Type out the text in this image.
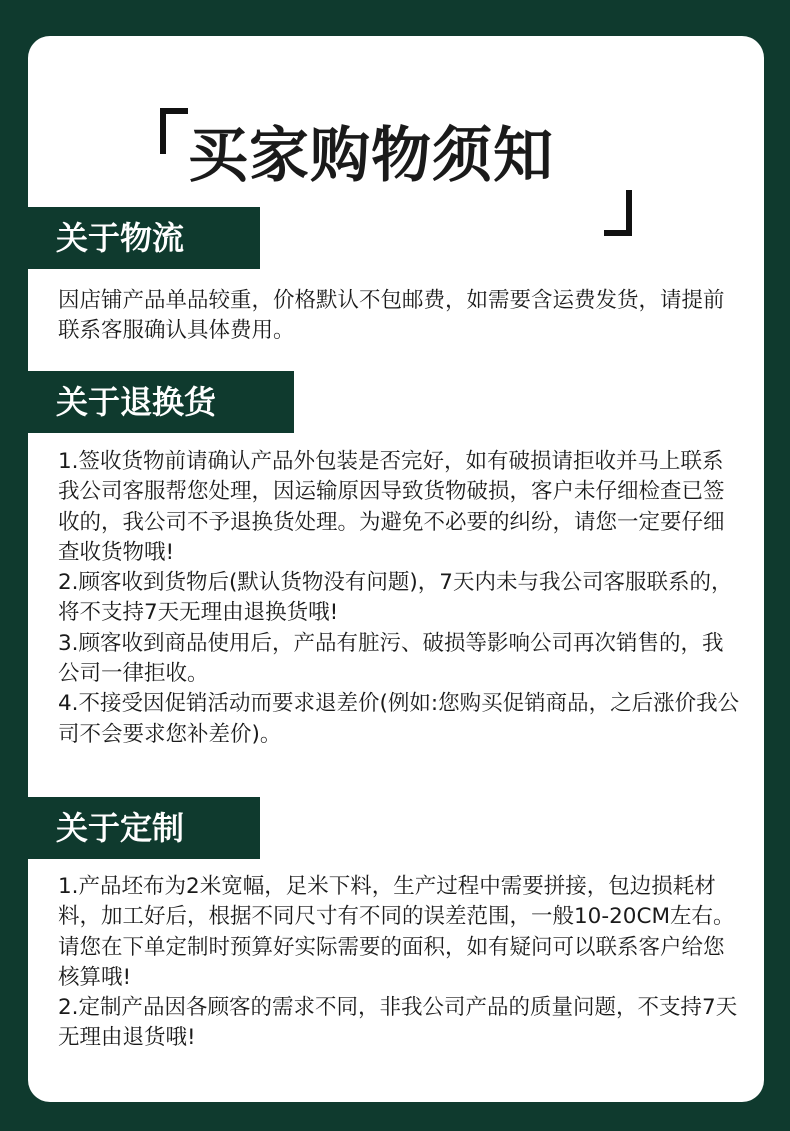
买家购物须知
关于物流

因店铺产品单品较重，价格默认不包邮费，如需要含运费发货，请提前联系客服确认具体费用。

关于退换货

1.签收货物前请确认产品外包装是否完好，如有破损请拒收并马上联系我公司客服帮您处理，因运输原因导致货物破损，客户未仔细检查已签收的，我公司不予退换货处理。为避免不必要的纠纷，请您一定要仔细查收货物哦!

2.顾客收到货物后(默认货物没有问题)，7天内未与我公司客服联系的，将不支持7天无理由退换货哦!

3.顾客收到商品使用后，产品有脏污、破损等影响公司再次销售的，我公司一律拒收。

4.不接受因促销活动而要求退差价(例如:您购买促销商品，之后涨价我公司不会要求您补差价)。

关于定制

1.产品坯布为2米宽幅，足米下料，生产过程中需要拼接，包边损耗材料，加工好后，根据不同尺寸有不同的误差范围，一般10-20CM左右。请您在下单定制时预算好实际需要的面积，如有疑问可以联系客户给您核算哦!

2.定制产品因各顾客的需求不同，非我公司产品的质量问题，不支持7天无理由退货哦!
